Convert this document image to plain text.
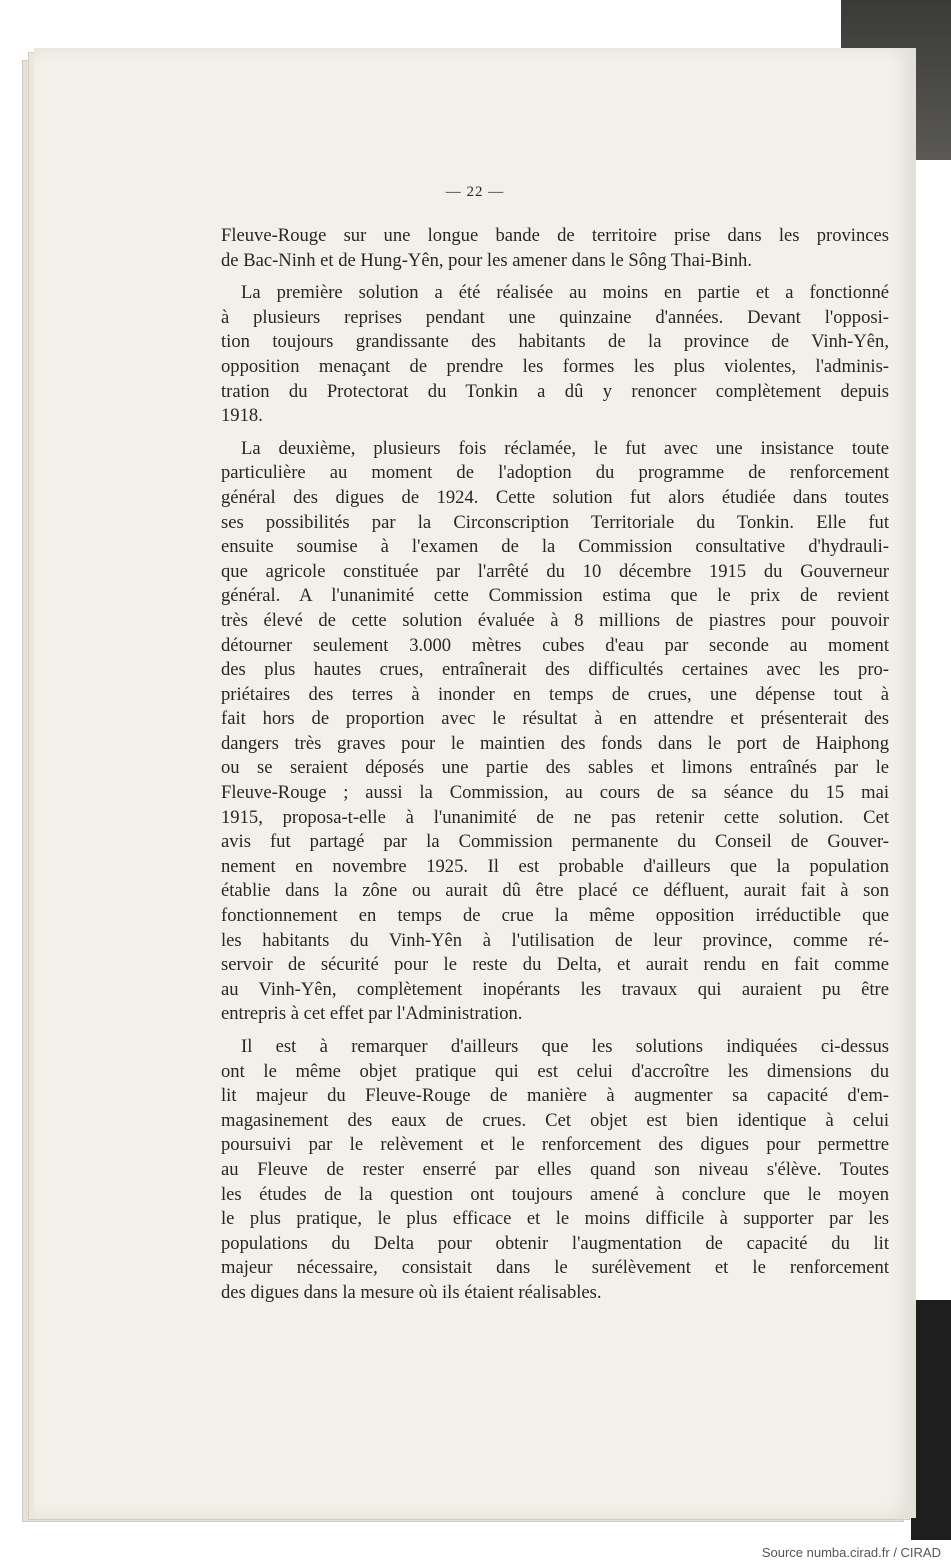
— 22 —
Fleuve-Rouge sur une longue bande de territoire prise dans les provinces
de Bac-Ninh et de Hung-Yên, pour les amener dans le Sông Thai-Binh.
La première solution a été réalisée au moins en partie et a fonctionné
à plusieurs reprises pendant une quinzaine d'années. Devant l'opposi-
tion toujours grandissante des habitants de la province de Vinh-Yên,
opposition menaçant de prendre les formes les plus violentes, l'adminis-
tration du Protectorat du Tonkin a dû y renoncer complètement depuis
1918.
La deuxième, plusieurs fois réclamée, le fut avec une insistance toute
particulière au moment de l'adoption du programme de renforcement
général des digues de 1924. Cette solution fut alors étudiée dans toutes
ses possibilités par la Circonscription Territoriale du Tonkin. Elle fut
ensuite soumise à l'examen de la Commission consultative d'hydrauli-
que agricole constituée par l'arrêté du 10 décembre 1915 du Gouverneur
général. A l'unanimité cette Commission estima que le prix de revient
très élevé de cette solution évaluée à 8 millions de piastres pour pouvoir
détourner seulement 3.000 mètres cubes d'eau par seconde au moment
des plus hautes crues, entraînerait des difficultés certaines avec les pro-
priétaires des terres à inonder en temps de crues, une dépense tout à
fait hors de proportion avec le résultat à en attendre et présenterait des
dangers très graves pour le maintien des fonds dans le port de Haiphong
ou se seraient déposés une partie des sables et limons entraînés par le
Fleuve-Rouge ; aussi la Commission, au cours de sa séance du 15 mai
1915, proposa-t-elle à l'unanimité de ne pas retenir cette solution. Cet
avis fut partagé par la Commission permanente du Conseil de Gouver-
nement en novembre 1925. Il est probable d'ailleurs que la population
établie dans la zône ou aurait dû être placé ce défluent, aurait fait à son
fonctionnement en temps de crue la même opposition irréductible que
les habitants du Vinh-Yên à l'utilisation de leur province, comme ré-
servoir de sécurité pour le reste du Delta, et aurait rendu en fait comme
au Vinh-Yên, complètement inopérants les travaux qui auraient pu être
entrepris à cet effet par l'Administration.
Il est à remarquer d'ailleurs que les solutions indiquées ci-dessus
ont le même objet pratique qui est celui d'accroître les dimensions du
lit majeur du Fleuve-Rouge de manière à augmenter sa capacité d'em-
magasinement des eaux de crues. Cet objet est bien identique à celui
poursuivi par le relèvement et le renforcement des digues pour permettre
au Fleuve de rester enserré par elles quand son niveau s'élève. Toutes
les études de la question ont toujours amené à conclure que le moyen
le plus pratique, le plus efficace et le moins difficile à supporter par les
populations du Delta pour obtenir l'augmentation de capacité du lit
majeur nécessaire, consistait dans le surélèvement et le renforcement
des digues dans la mesure où ils étaient réalisables.
Source numba.cirad.fr / CIRAD
